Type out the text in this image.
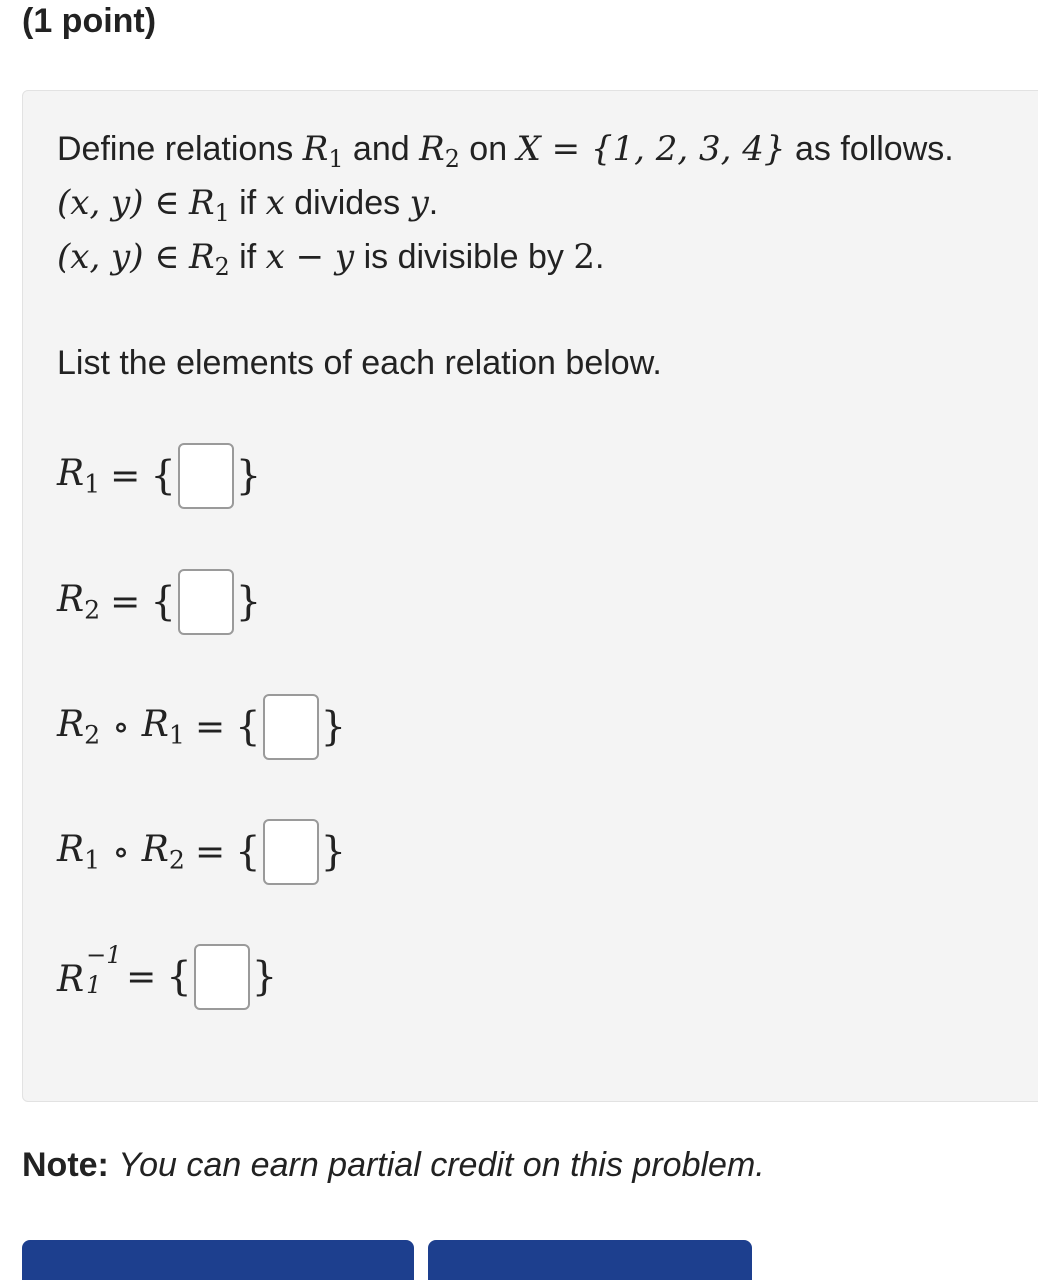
(1 point)
Define relations $R_1$ and $R_2$ on X = {1, 2, 3, 4} as follows.
(x, y) ∈ $R_1$ if x divides y.
(x, y) ∈ $R_2$ if x − y is divisible by 2.
List the elements of each relation below.
$R_1$ = { }
$R_2$ = { }
$R_2$ ∘ $R_1$ = { }
$R_1$ ∘ $R_2$ = { }
R
−1
1 = { }
Note: You can earn partial credit on this problem.
